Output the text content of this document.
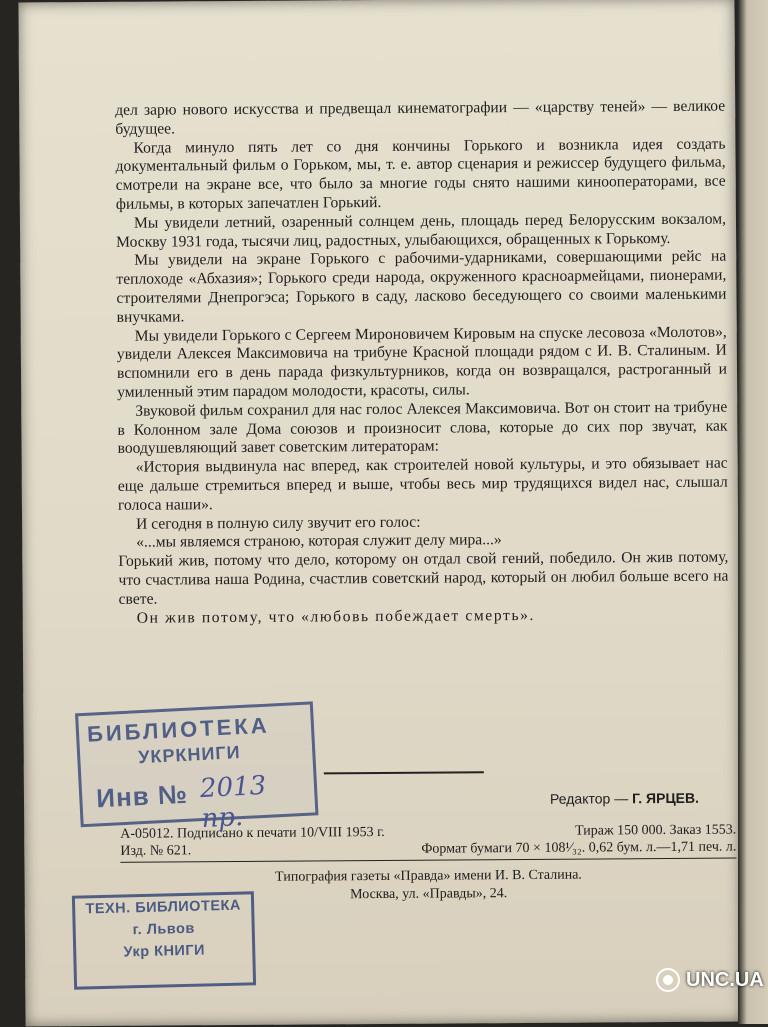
дел зарю нового искусства и предвещал кинематографии — «царству теней» — великое будущее.

Когда минуло пять лет со дня кончины Горького и возникла идея создать документальный фильм о Горьком, мы, т. е. автор сценария и режиссер будущего фильма, смотрели на экране все, что было за многие годы снято нашими кинооператорами, все фильмы, в которых запечатлен Горький.

Мы увидели летний, озаренный солнцем день, площадь перед Белорусским вокзалом, Москву 1931 года, тысячи лиц, радостных, улыбающихся, обращенных к Горькому.

Мы увидели на экране Горького с рабочими-ударниками, совершающими рейс на теплоходе «Абхазия»; Горького среди народа, окруженного красноармейцами, пионерами, строителями Днепрогэса; Горького в саду, ласково беседующего со своими маленькими внучками.

Мы увидели Горького с Сергеем Мироновичем Кировым на спуске лесовоза «Молотов», увидели Алексея Максимовича на трибуне Красной площади рядом с И. В. Сталиным. И вспомнили его в день парада физкультурников, когда он возвращался, растроганный и умиленный этим парадом молодости, красоты, силы.

Звуковой фильм сохранил для нас голос Алексея Максимовича. Вот он стоит на трибуне в Колонном зале Дома союзов и произносит слова, которые до сих пор звучат, как воодушевляющий завет советским литераторам:

«История выдвинула нас вперед, как строителей новой культуры, и это обязывает нас еще дальше стремиться вперед и выше, чтобы весь мир трудящихся видел нас, слышал голоса наши».

И сегодня в полную силу звучит его голос:

«...мы являемся страною, которая служит делу мира...»

Горький жив, потому что дело, которому он отдал свой гений, победило. Он жив потому, что счастлива наша Родина, счастлив советский народ, который он любил больше всего на свете.

Он жив потому, что «любовь побеждает смерть».

Редактор — Г. ЯРЦЕВ.
А-05012. Подписано к печати 10/VIII 1953 г.	Тираж 150 000. Заказ 1553.
Изд. № 621.	Формат бумаги 70 × 108¹⁄₃₂. 0,62 бум. л.—1,71 печ. л.
Типография газеты «Правда» имени И. В. Сталина.
Москва, ул. «Правды», 24.
БИБЛИОТЕКА
УКРКНИГИ
Инв № 2013 пр.
ТЕХН. БИБЛИОТЕКА
г. Львов
Укр КНИГИ
UNC.UA
